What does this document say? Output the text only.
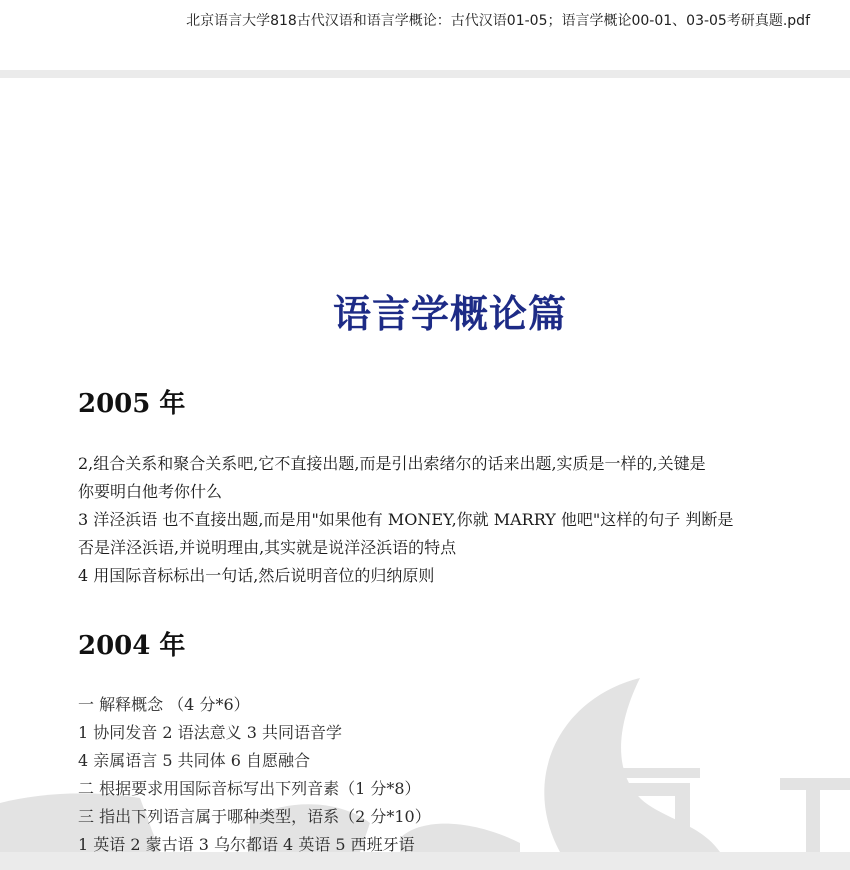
北京语言大学818古代汉语和语言学概论：古代汉语01-05；语言学概论00-01、03-05考研真题.pdf
语言学概论篇
2005 年
2,组合关系和聚合关系吧,它不直接出题,而是引出索绪尔的话来出题,实质是一样的,关键是
你要明白他考你什么
3 洋泾浜语 也不直接出题,而是用"如果他有 MONEY,你就 MARRY 他吧"这样的句子 判断是
否是洋泾浜语,并说明理由,其实就是说洋泾浜语的特点
4 用国际音标标出一句话,然后说明音位的归纳原则
2004 年
一 解释概念 （4 分*6）
1 协同发音 2 语法意义 3 共同语音学
4 亲属语言 5 共同体 6 自愿融合
二 根据要求用国际音标写出下列音素（1 分*8）
三 指出下列语言属于哪种类型，语系（2 分*10）
1 英语 2 蒙古语 3 乌尔都语 4 英语 5 西班牙语
